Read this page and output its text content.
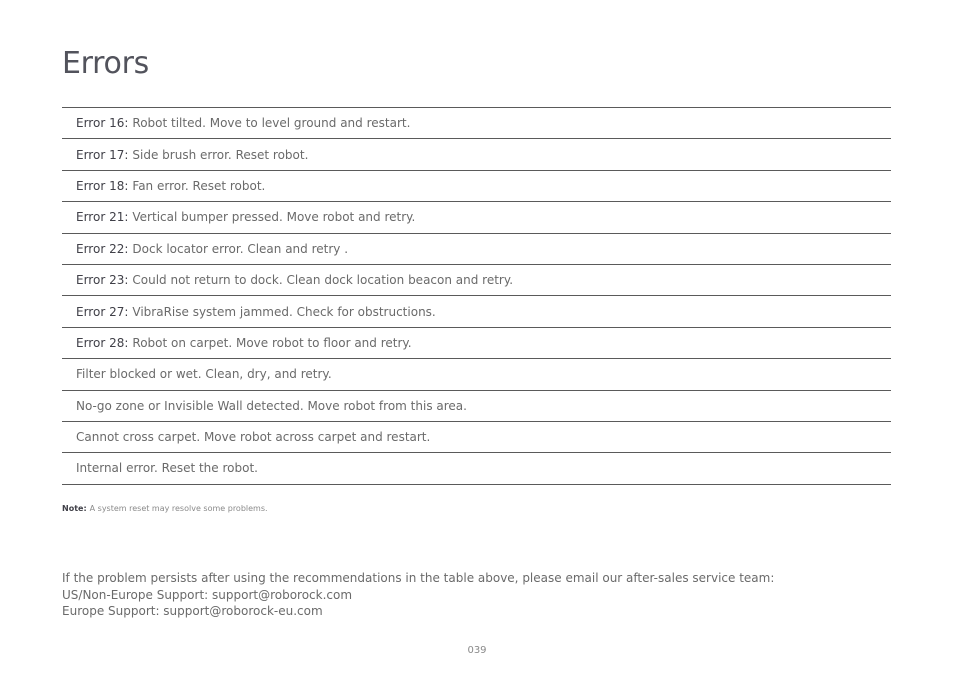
Errors
Error 16: Robot tilted. Move to level ground and restart.
Error 17: Side brush error. Reset robot.
Error 18: Fan error. Reset robot.
Error 21: Vertical bumper pressed. Move robot and retry.
Error 22: Dock locator error. Clean and retry .
Error 23: Could not return to dock. Clean dock location beacon and retry.
Error 27: VibraRise system jammed. Check for obstructions.
Error 28: Robot on carpet. Move robot to floor and retry.
Filter blocked or wet. Clean, dry, and retry.
No-go zone or Invisible Wall detected. Move robot from this area.
Cannot cross carpet. Move robot across carpet and restart.
Internal error. Reset the robot.
Note: A system reset may resolve some problems.
If the problem persists after using the recommendations in the table above, please email our after-sales service team:
US/Non-Europe Support: support@roborock.com
Europe Support: support@roborock-eu.com
039
